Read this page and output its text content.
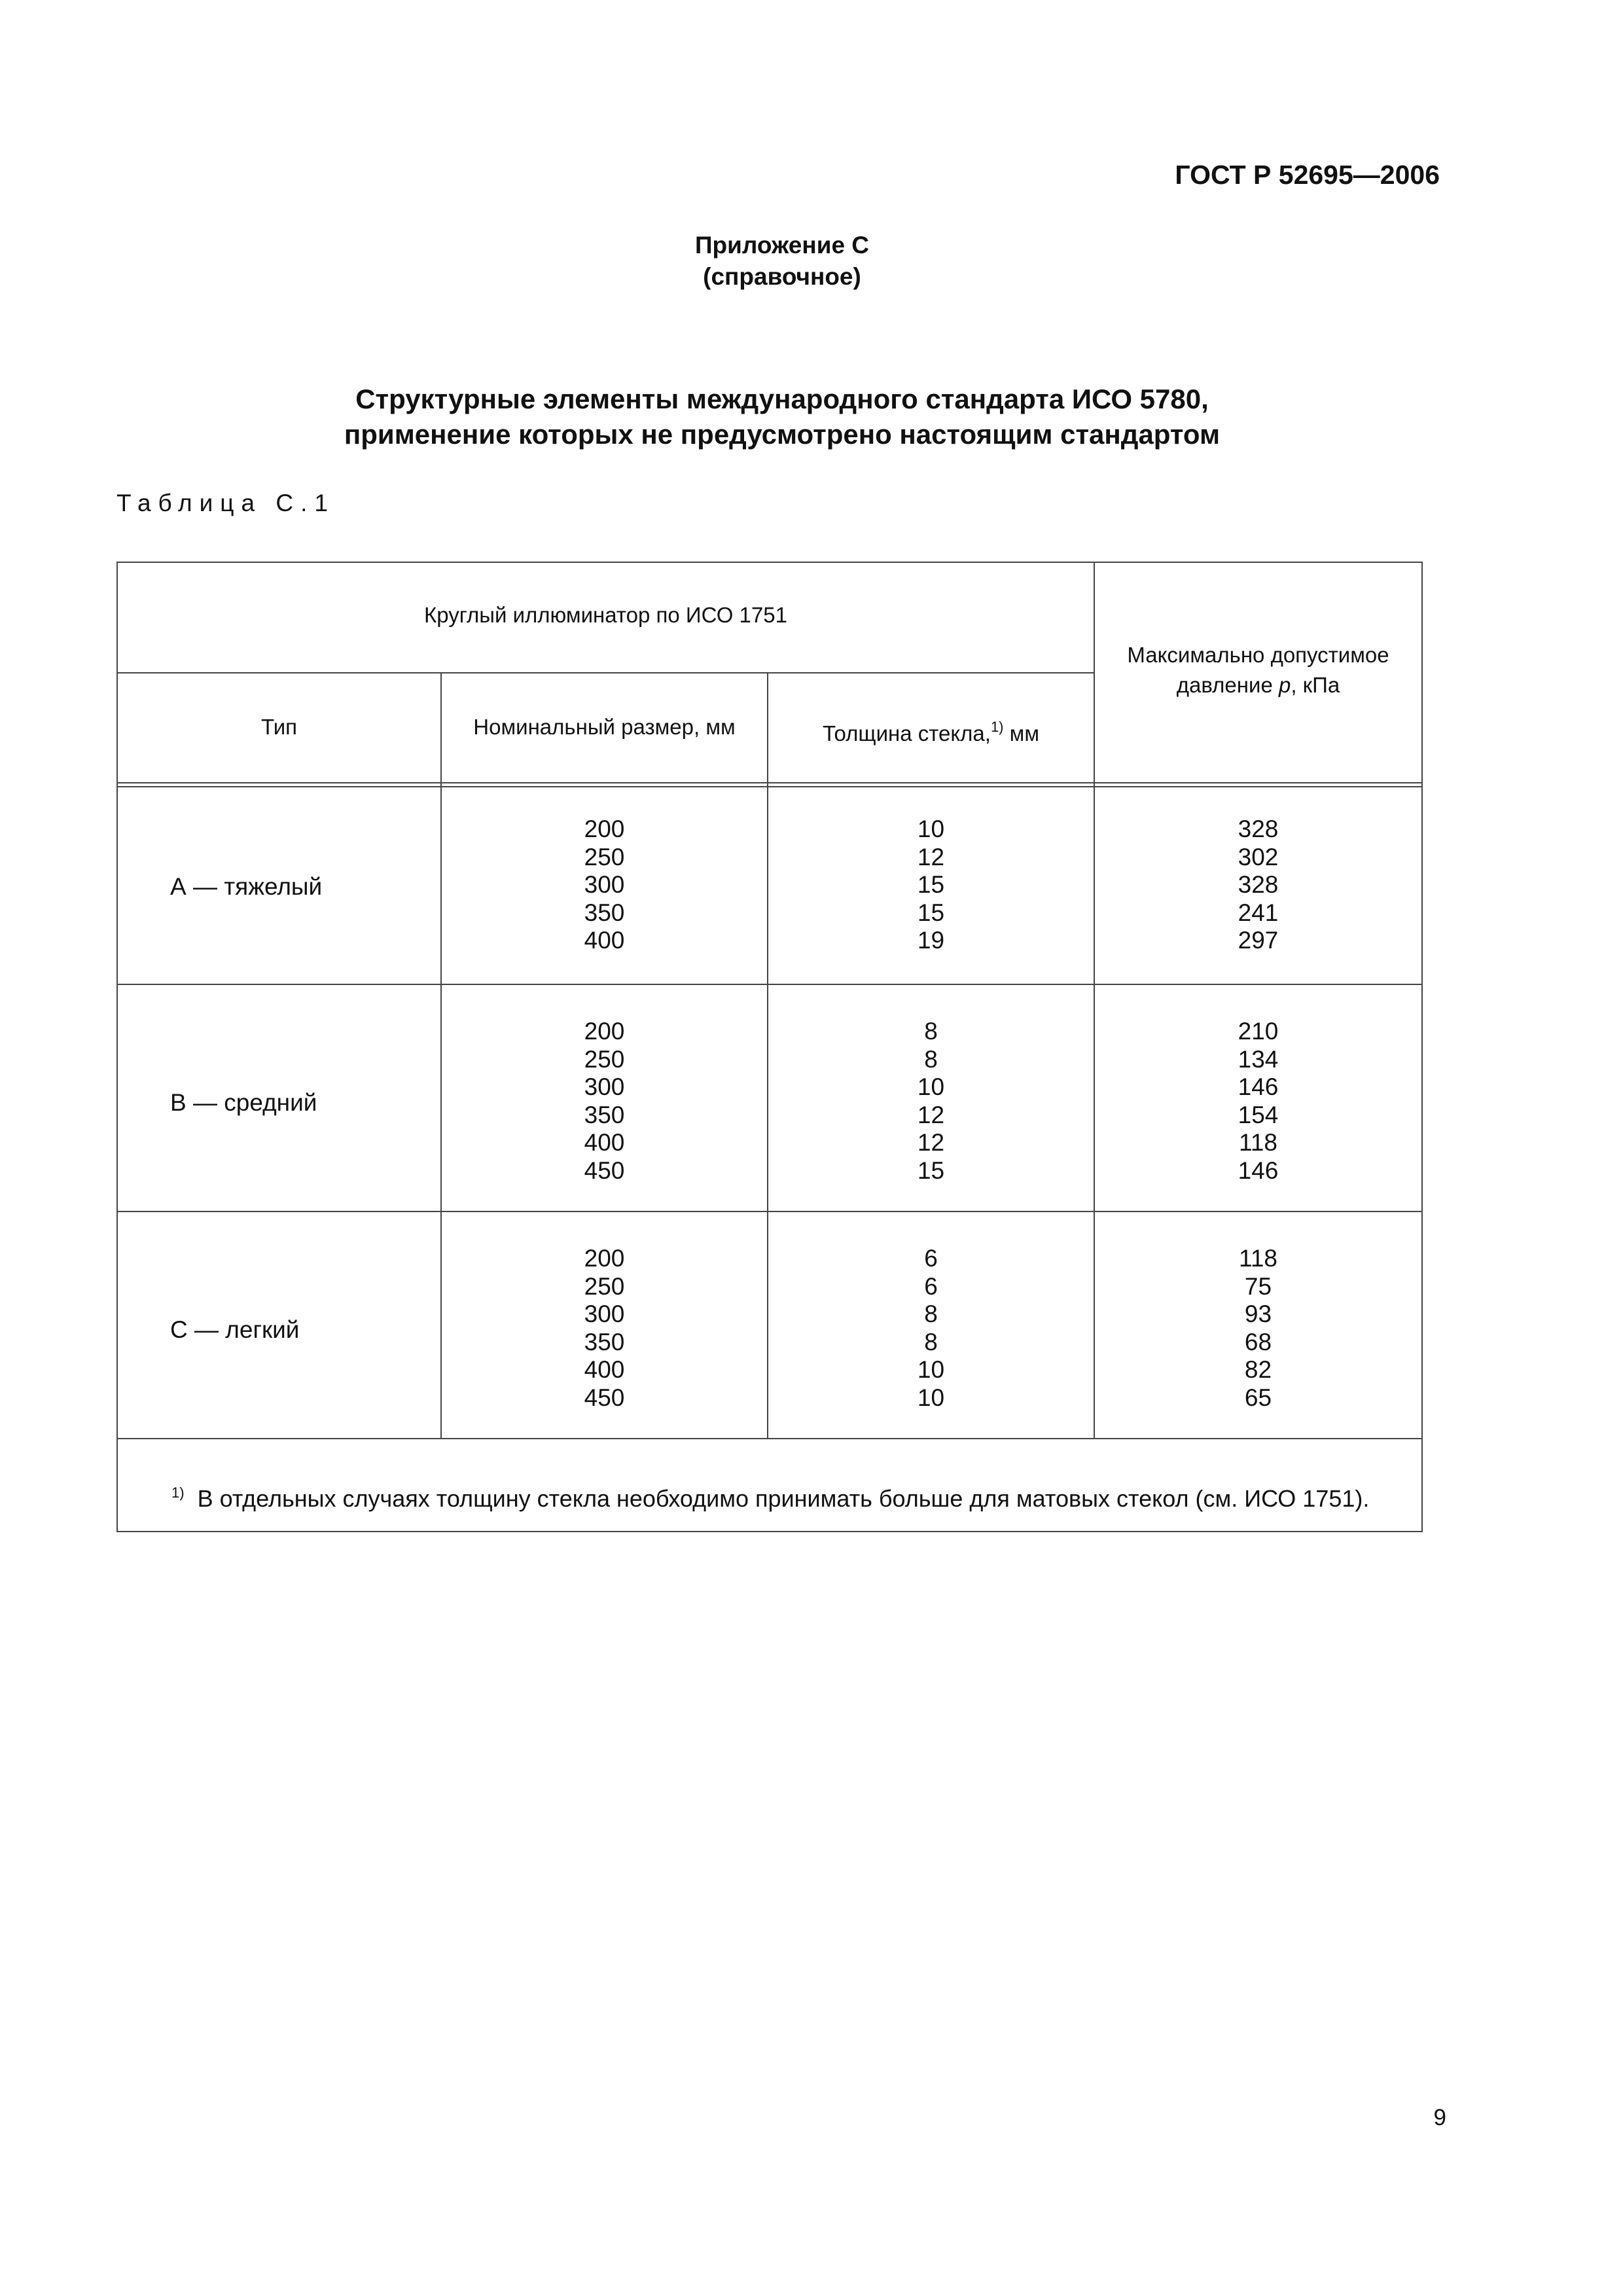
ГОСТ Р 52695—2006
Приложение С
(справочное)
Структурные элементы международного стандарта ИСО 5780,
применение которых не предусмотрено настоящим стандартом
Таблица С.1
Круглый иллюминатор по ИСО 1751
Тип	Номинальный размер, мм	Толщина стекла,$^{1)}$ мм
Максимально допустимое
давление p, кПа
А — тяжелый
200
250
300
350
400
10
12
15
15
19
328
302
328
241
297
В — средний
200
250
300
350
400
450
8
8
10
12
12
15
210
134
146
154
118
146
С — легкий
200
250
300
350
400
450
6
6
8
8
10
10
118
75
93
68
82
65
$^{1)}$ В отдельных случаях толщину стекла необходимо принимать больше для матовых стекол (см. ИСО 1751).
9
